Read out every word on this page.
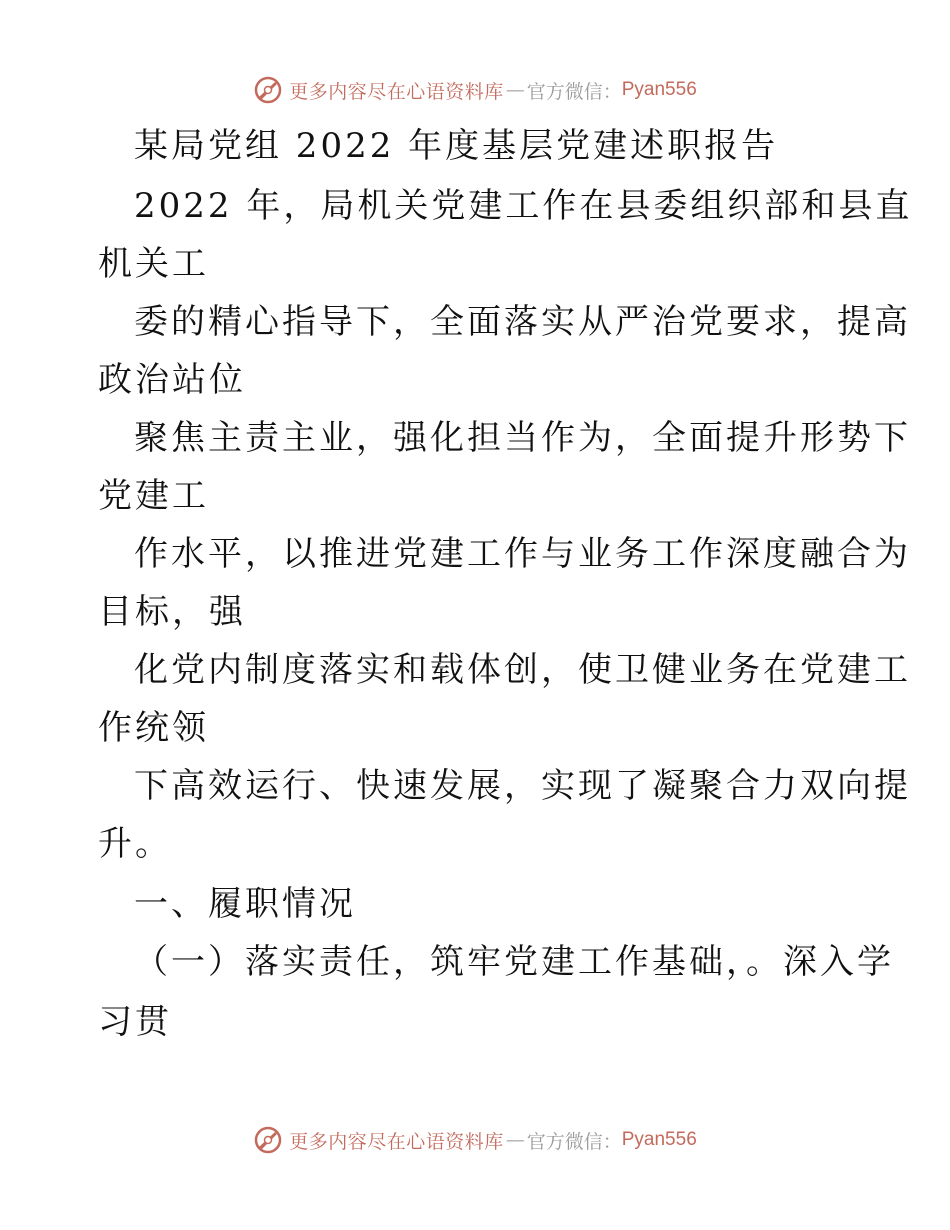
更多内容尽在心语资料库 — 官方微信： Pyan556
某局党组 2022 年度基层党建述职报告
2022 年，局机关党建工作在县委组织部和县直
机关工
委的精心指导下，全面落实从严治党要求，提高
政治站位
聚焦主责主业，强化担当作为，全面提升形势下
党建工
作水平，以推进党建工作与业务工作深度融合为
目标，强
化党内制度落实和载体创，使卫健业务在党建工
作统领
下高效运行、快速发展，实现了凝聚合力双向提
升。
一、履职情况
（一）落实责任，筑牢党建工作基础，。深入学
习贯
更多内容尽在心语资料库 — 官方微信： Pyan556
